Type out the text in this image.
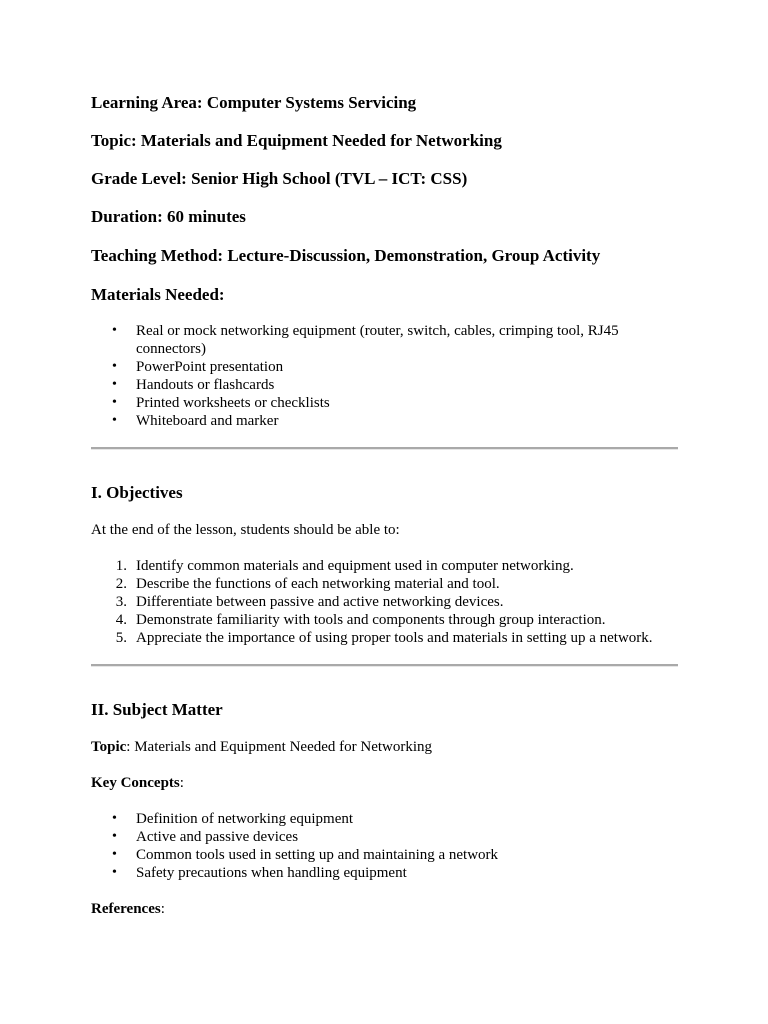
Learning Area: Computer Systems Servicing
Topic: Materials and Equipment Needed for Networking
Grade Level: Senior High School (TVL – ICT: CSS)
Duration: 60 minutes
Teaching Method: Lecture-Discussion, Demonstration, Group Activity
Materials Needed:
•	Real or mock networking equipment (router, switch, cables, crimping tool, RJ45 connectors)
•	PowerPoint presentation
•	Handouts or flashcards
•	Printed worksheets or checklists
•	Whiteboard and marker
I. Objectives
At the end of the lesson, students should be able to:
1. Identify common materials and equipment used in computer networking.
2. Describe the functions of each networking material and tool.
3. Differentiate between passive and active networking devices.
4. Demonstrate familiarity with tools and components through group interaction.
5. Appreciate the importance of using proper tools and materials in setting up a network.
II. Subject Matter
Topic: Materials and Equipment Needed for Networking
Key Concepts:
•	Definition of networking equipment
•	Active and passive devices
•	Common tools used in setting up and maintaining a network
•	Safety precautions when handling equipment
References:
